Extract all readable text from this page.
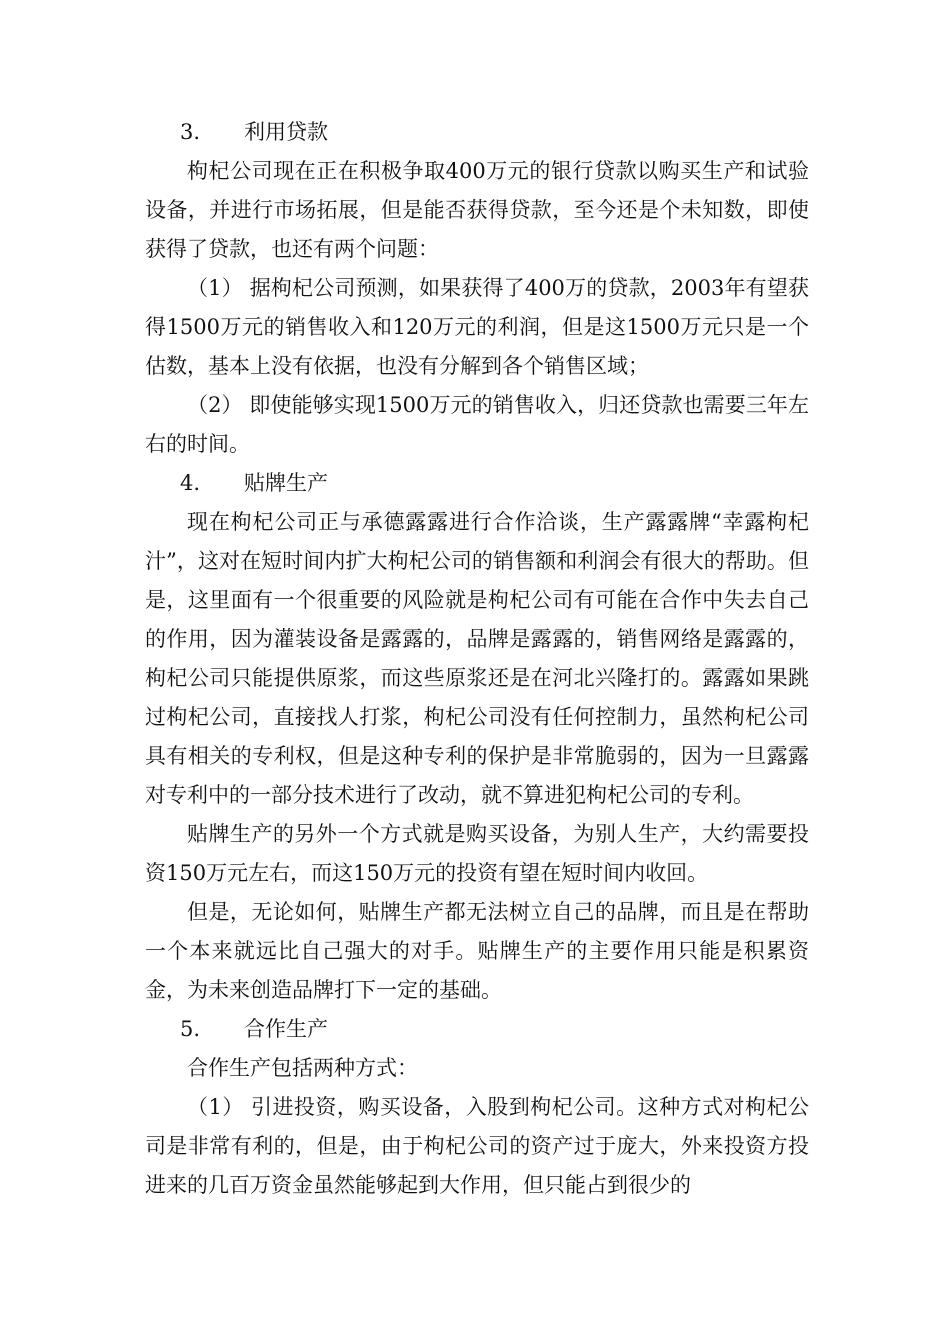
3. 利用贷款

枸杞公司现在正在积极争取400万元的银行贷款以购买生产和试验设备，并进行市场拓展，但是能否获得贷款，至今还是个未知数，即使获得了贷款，也还有两个问题：

（1） 据枸杞公司预测，如果获得了400万的贷款，2003年有望获得1500万元的销售收入和120万元的利润，但是这1500万元只是一个估数，基本上没有依据，也没有分解到各个销售区域；

（2） 即使能够实现1500万元的销售收入，归还贷款也需要三年左右的时间。

4. 贴牌生产

现在枸杞公司正与承德露露进行合作洽谈，生产露露牌“幸露枸杞汁”，这对在短时间内扩大枸杞公司的销售额和利润会有很大的帮助。但是，这里面有一个很重要的风险就是枸杞公司有可能在合作中失去自己的作用，因为灌装设备是露露的，品牌是露露的，销售网络是露露的，枸杞公司只能提供原浆，而这些原浆还是在河北兴隆打的。露露如果跳过枸杞公司，直接找人打浆，枸杞公司没有任何控制力，虽然枸杞公司具有相关的专利权，但是这种专利的保护是非常脆弱的，因为一旦露露对专利中的一部分技术进行了改动，就不算进犯枸杞公司的专利。

贴牌生产的另外一个方式就是购买设备，为别人生产，大约需要投资150万元左右，而这150万元的投资有望在短时间内收回。

但是，无论如何，贴牌生产都无法树立自己的品牌，而且是在帮助一个本来就远比自己强大的对手。贴牌生产的主要作用只能是积累资金，为未来创造品牌打下一定的基础。

5. 合作生产

合作生产包括两种方式：

（1） 引进投资，购买设备，入股到枸杞公司。这种方式对枸杞公司是非常有利的，但是，由于枸杞公司的资产过于庞大，外来投资方投进来的几百万资金虽然能够起到大作用，但只能占到很少的
